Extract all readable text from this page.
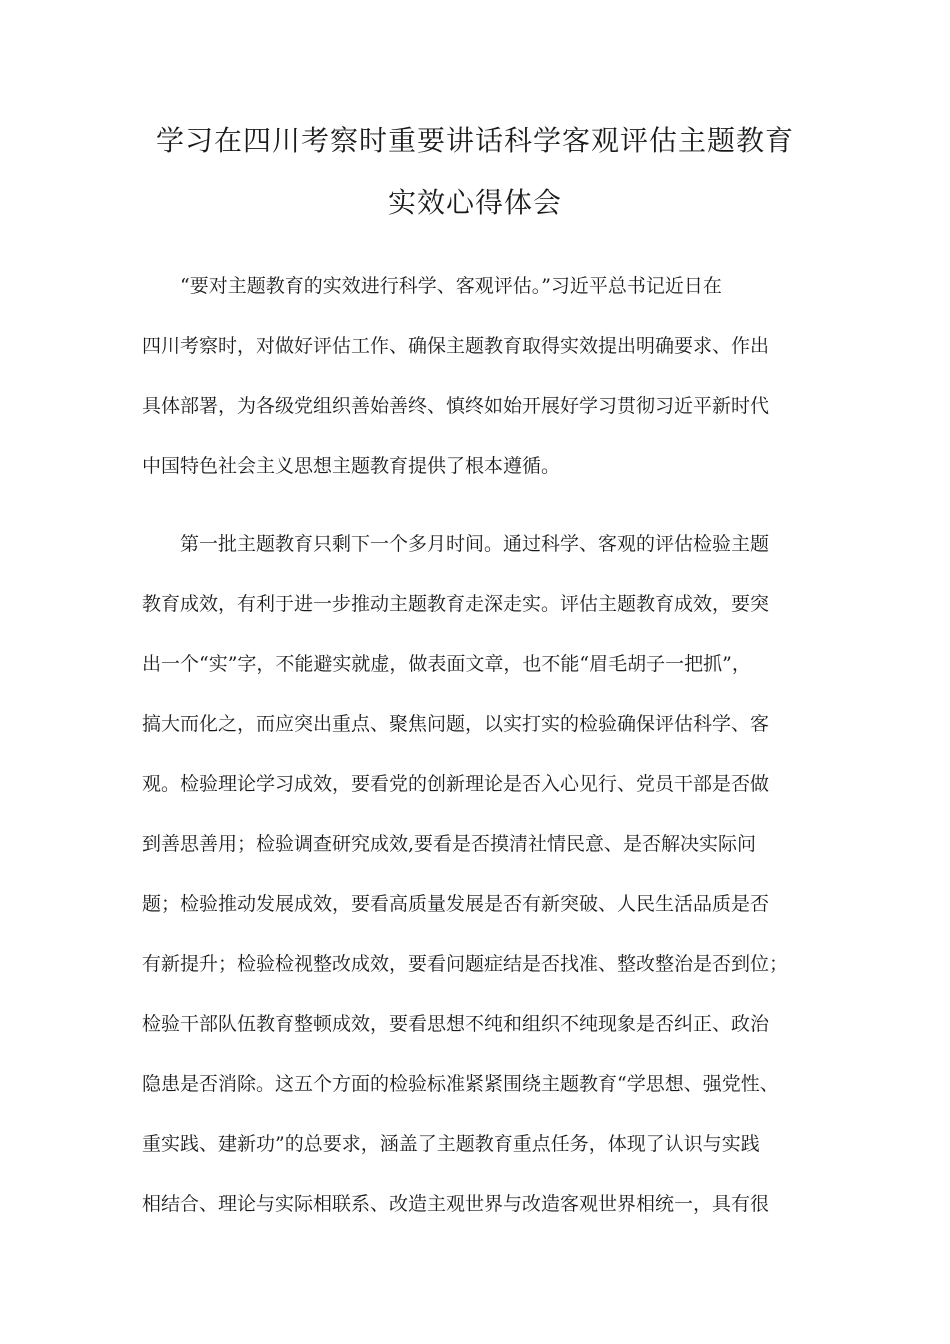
学习在四川考察时重要讲话科学客观评估主题教育
实效心得体会

“要对主题教育的实效进行科学、客观评估。”习近平总书记近日在

四川考察时，对做好评估工作、确保主题教育取得实效提出明确要求、作出

具体部署，为各级党组织善始善终、慎终如始开展好学习贯彻习近平新时代

中国特色社会主义思想主题教育提供了根本遵循。

第一批主题教育只剩下一个多月时间。通过科学、客观的评估检验主题

教育成效，有利于进一步推动主题教育走深走实。评估主题教育成效，要突

出一个“实”字，不能避实就虚，做表面文章，也不能“眉毛胡子一把抓”，

搞大而化之，而应突出重点、聚焦问题，以实打实的检验确保评估科学、客

观。检验理论学习成效，要看党的创新理论是否入心见行、党员干部是否做

到善思善用；检验调查研究成效,要看是否摸清社情民意、是否解决实际问

题；检验推动发展成效，要看高质量发展是否有新突破、人民生活品质是否

有新提升；检验检视整改成效，要看问题症结是否找准、整改整治是否到位；

检验干部队伍教育整顿成效，要看思想不纯和组织不纯现象是否纠正、政治

隐患是否消除。这五个方面的检验标准紧紧围绕主题教育“学思想、强党性、

重实践、建新功”的总要求，涵盖了主题教育重点任务，体现了认识与实践

相结合、理论与实际相联系、改造主观世界与改造客观世界相统一，具有很
